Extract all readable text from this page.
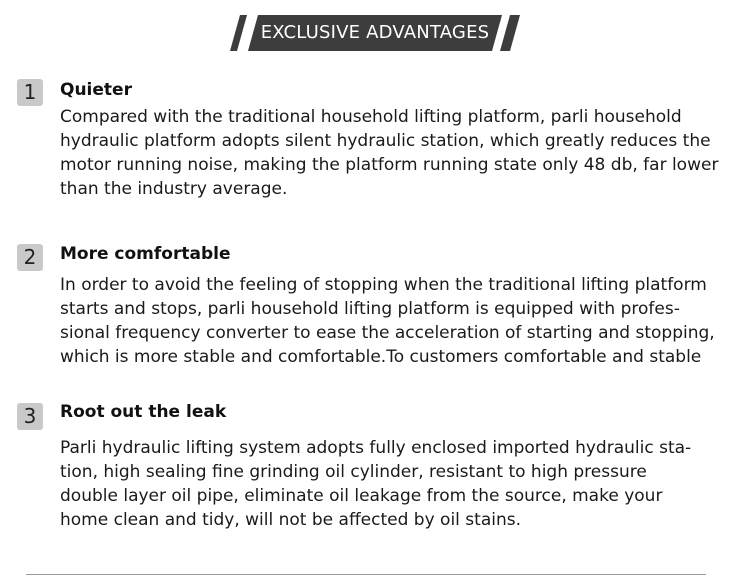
EXCLUSIVE ADVANTAGES
1	Quieter
Compared with the traditional household lifting platform, parli household
hydraulic platform adopts silent hydraulic station, which greatly reduces the
motor running noise, making the platform running state only 48 db, far lower
than the industry average.
2	More comfortable
In order to avoid the feeling of stopping when the traditional lifting platform
starts and stops, parli household lifting platform is equipped with profes-
sional frequency converter to ease the acceleration of starting and stopping,
which is more stable and comfortable.To customers comfortable and stable
3	Root out the leak
Parli hydraulic lifting system adopts fully enclosed imported hydraulic sta-
tion, high sealing fine grinding oil cylinder, resistant to high pressure
double layer oil pipe, eliminate oil leakage from the source, make your
home clean and tidy, will not be affected by oil stains.
